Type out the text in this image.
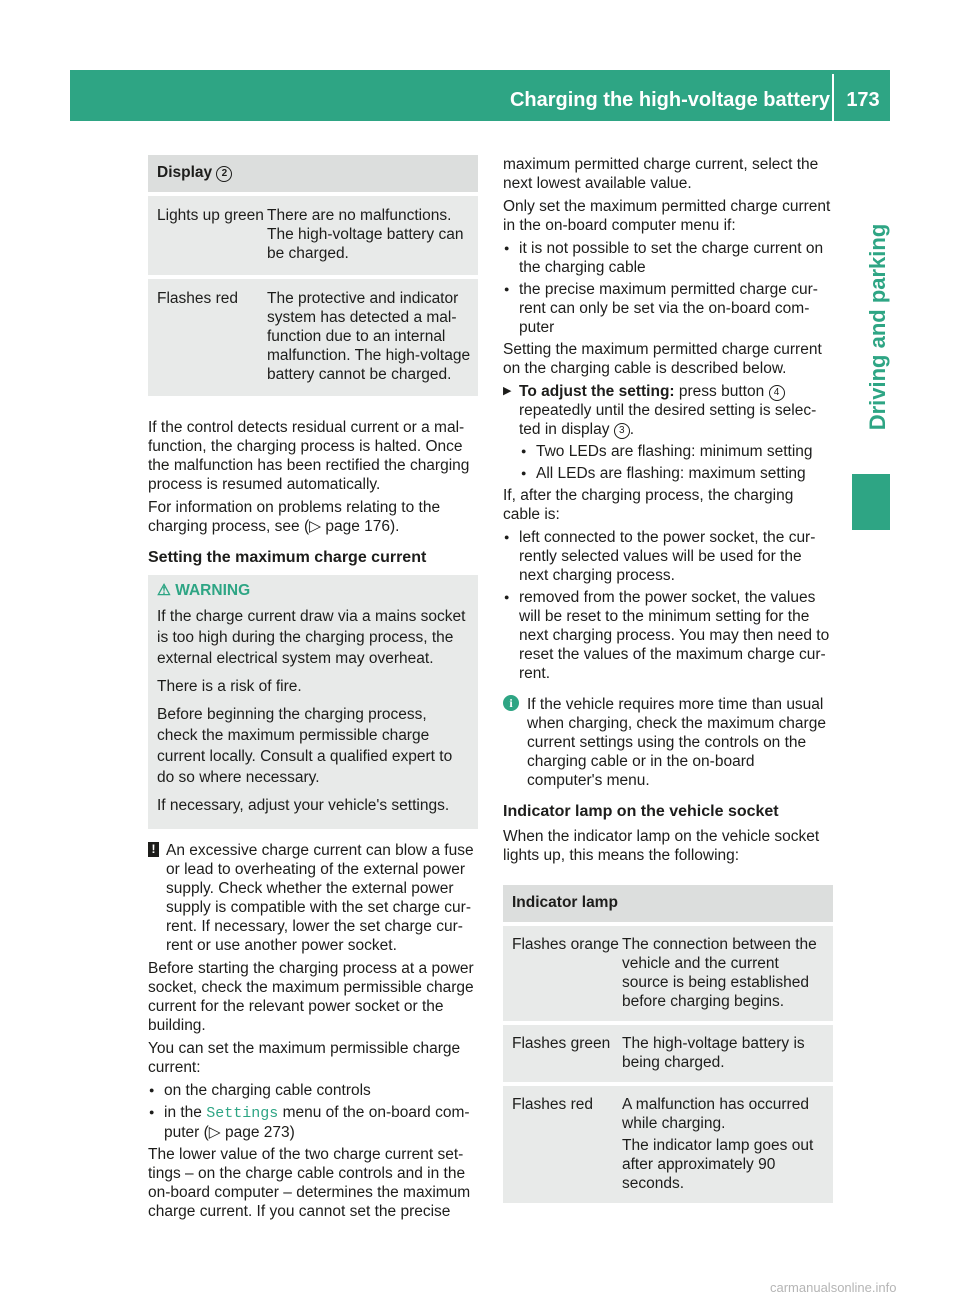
Charging the high-voltage battery 173
Driving and parking
Display 2	

Lights up green	There are no malfunctions. The high-voltage battery can be charged.

Flashes red	The protective and indicator system has detected a mal- function due to an internal malfunction. The high-voltage battery cannot be charged.

If the control detects residual current or a mal- function, the charging process is halted. Once the malfunction has been rectified the charging process is resumed automatically.

For information on problems relating to the charging process, see (▷ page 176).

Setting the maximum charge current
⚠ WARNING

If the charge current draw via a mains socket is too high during the charging process, the external electrical system may overheat.

There is a risk of fire.

Before beginning the charging process, check the maximum permissible charge current locally. Consult a qualified expert to do so where necessary.

If necessary, adjust your vehicle's settings.

! An excessive charge current can blow a fuse or lead to overheating of the external power supply. Check whether the external power supply is compatible with the set charge cur- rent. If necessary, lower the set charge cur- rent or use another power socket.

Before starting the charging process at a power socket, check the maximum permissible charge current for the relevant power socket or the building.

You can set the maximum permissible charge current:

● on the charging cable controls
● in the Settings menu of the on-board com- puter (▷ page 273)

The lower value of the two charge current set- tings – on the charge cable controls and in the on-board computer – determines the maximum charge current. If you cannot set the precise

maximum permitted charge current, select the next lowest available value.

Only set the maximum permitted charge current in the on-board computer menu if:

● it is not possible to set the charge current on the charging cable
● the precise maximum permitted charge cur- rent can only be set via the on-board com- puter

Setting the maximum permitted charge current on the charging cable is described below.

▶ To adjust the setting: press button 4 repeatedly until the desired setting is selec- ted in display 3 .
● Two LEDs are flashing: minimum setting
● All LEDs are flashing: maximum setting

If, after the charging process, the charging cable is:

● left connected to the power socket, the cur- rently selected values will be used for the next charging process.
● removed from the power socket, the values will be reset to the minimum setting for the next charging process. You may then need to reset the values of the maximum charge cur- rent.
i If the vehicle requires more time than usual when charging, check the maximum charge current settings using the controls on the charging cable or in the on-board computer's menu.
Indicator lamp on the vehicle socket

When the indicator lamp on the vehicle socket lights up, this means the following:

Indicator lamp	

Flashes orange	The connection between the vehicle and the current source is being established before charging begins.

Flashes green	The high-voltage battery is being charged.

Flashes red	A malfunction has occurred while charging.
The indicator lamp goes out after approximately 90 seconds.
carmanualsonline.info
